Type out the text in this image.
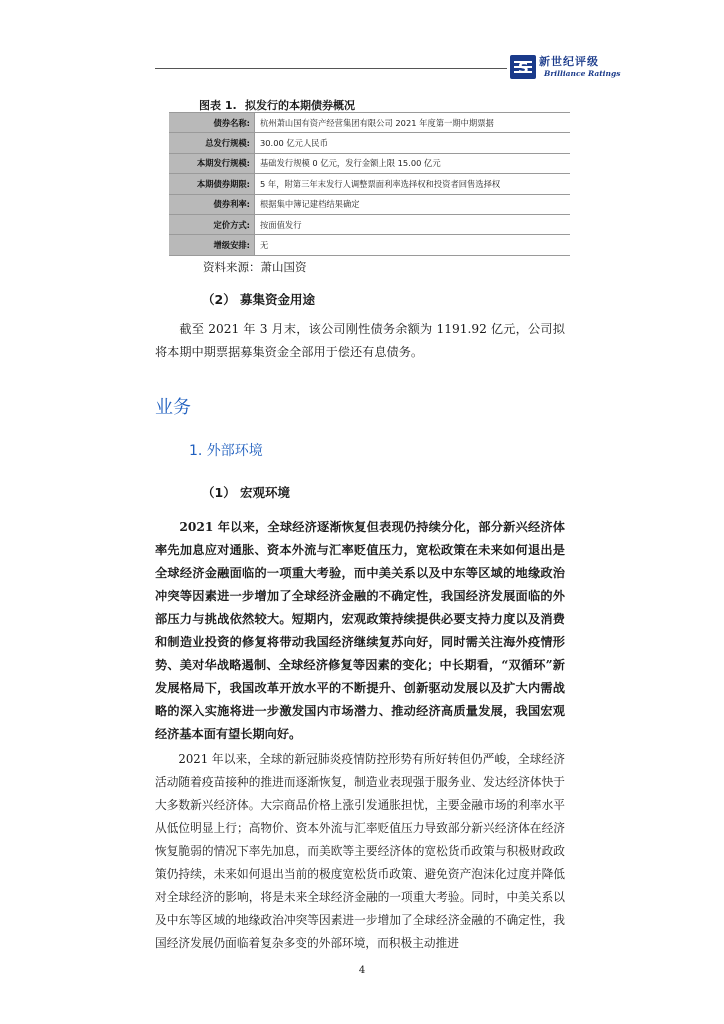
S 新世纪评级
Brilliance Ratings
图表 1. 拟发行的本期债券概况
债券名称:	杭州萧山国有资产经营集团有限公司 2021 年度第一期中期票据
总发行规模:	30.00 亿元人民币
本期发行规模:	基础发行规模 0 亿元，发行金额上限 15.00 亿元
本期债券期限:	5 年，附第三年末发行人调整票面利率选择权和投资者回售选择权
债券利率:	根据集中簿记建档结果确定
定价方式:	按面值发行
增级安排:	无
资料来源：萧山国资
（2） 募集资金用途

截至 2021 年 3 月末，该公司刚性债务余额为 1191.92 亿元，公司拟将本期中期票据募集资金全部用于偿还有息债务。

业务
1. 外部环境
（1） 宏观环境

2021 年以来，全球经济逐渐恢复但表现仍持续分化，部分新兴经济体率先加息应对通胀、资本外流与汇率贬值压力，宽松政策在未来如何退出是全球经济金融面临的一项重大考验，而中美关系以及中东等区域的地缘政治冲突等因素进一步增加了全球经济金融的不确定性，我国经济发展面临的外部压力与挑战依然较大。短期内，宏观政策持续提供必要支持力度以及消费和制造业投资的修复将带动我国经济继续复苏向好，同时需关注海外疫情形势、美对华战略遏制、全球经济修复等因素的变化；中长期看，“双循环”新发展格局下，我国改革开放水平的不断提升、创新驱动发展以及扩大内需战略的深入实施将进一步激发国内市场潜力、推动经济高质量发展，我国宏观经济基本面有望长期向好。

2021 年以来，全球的新冠肺炎疫情防控形势有所好转但仍严峻，全球经济活动随着疫苗接种的推进而逐渐恢复，制造业表现强于服务业、发达经济体快于大多数新兴经济体。大宗商品价格上涨引发通胀担忧，主要金融市场的利率水平从低位明显上行；高物价、资本外流与汇率贬值压力导致部分新兴经济体在经济恢复脆弱的情况下率先加息，而美欧等主要经济体的宽松货币政策与积极财政政策仍持续，未来如何退出当前的极度宽松货币政策、避免资产泡沫化过度并降低对全球经济的影响，将是未来全球经济金融的一项重大考验。同时，中美关系以及中东等区域的地缘政治冲突等因素进一步增加了全球经济金融的不确定性，我国经济发展仍面临着复杂多变的外部环境，而积极主动推进

4
